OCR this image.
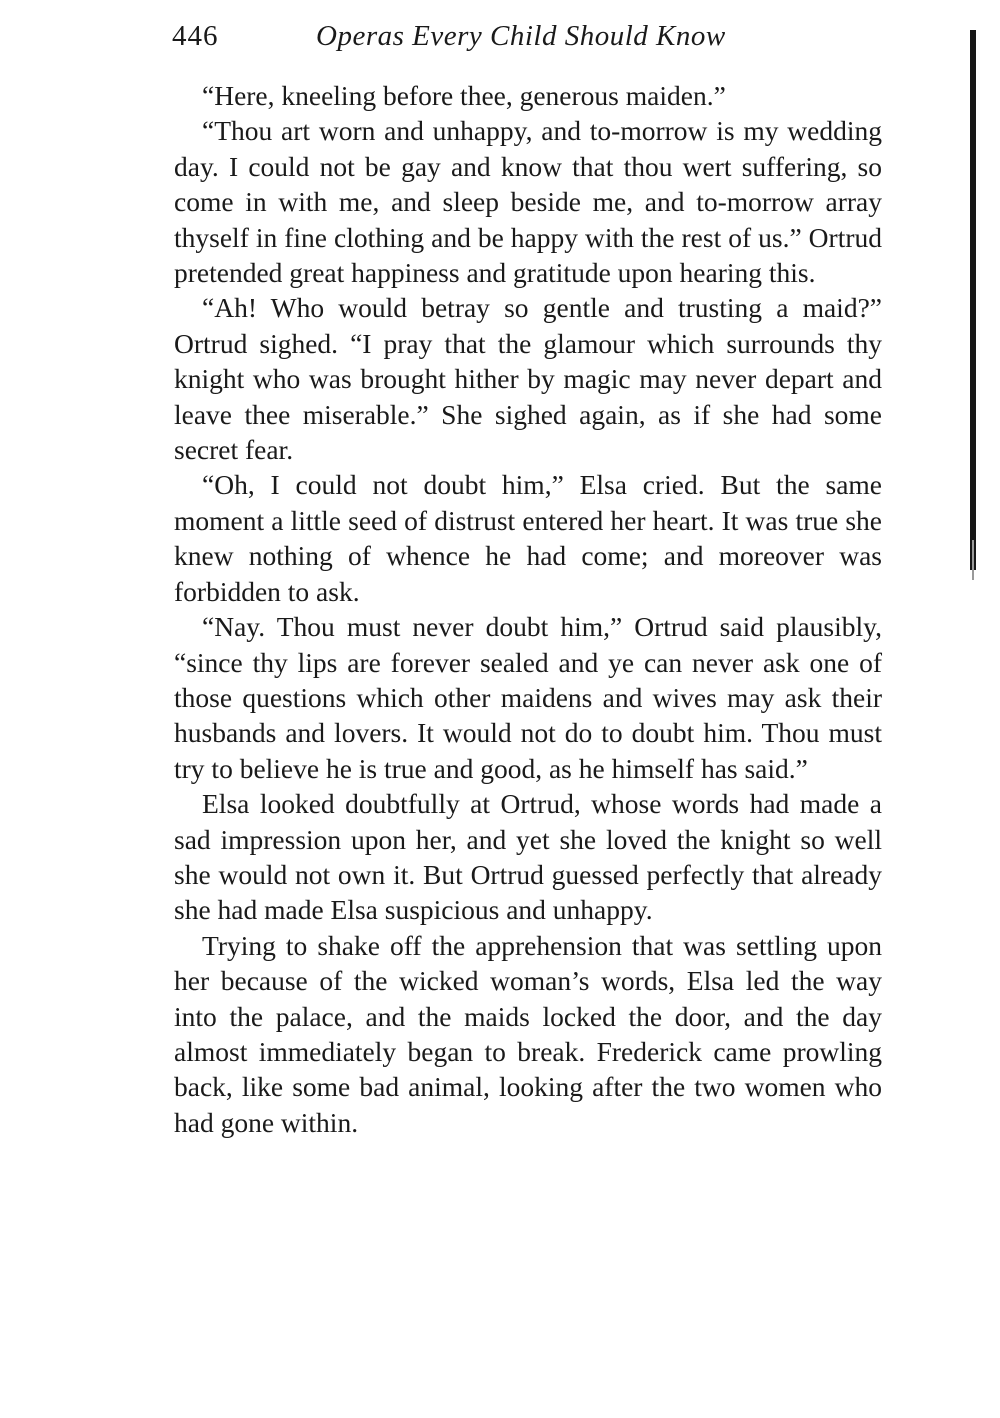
446	Operas Every Child Should Know

“Here, kneeling before thee, generous maiden.”

“Thou art worn and unhappy, and to-morrow is my wedding day. I could not be gay and know that thou wert suffering, so come in with me, and sleep beside me, and to-morrow array thyself in fine clothing and be happy with the rest of us.” Ortrud pretended great happiness and gratitude upon hearing this.

“Ah! Who would betray so gentle and trusting a maid?” Ortrud sighed. “I pray that the glamour which surrounds thy knight who was brought hither by magic may never depart and leave thee miserable.” She sighed again, as if she had some secret fear.

“Oh, I could not doubt him,” Elsa cried. But the same moment a little seed of distrust entered her heart. It was true she knew nothing of whence he had come; and moreover was forbidden to ask.

“Nay. Thou must never doubt him,” Ortrud said plausibly, “since thy lips are forever sealed and ye can never ask one of those questions which other maidens and wives may ask their husbands and lovers. It would not do to doubt him. Thou must try to believe he is true and good, as he himself has said.”

Elsa looked doubtfully at Ortrud, whose words had made a sad impression upon her, and yet she loved the knight so well she would not own it. But Ortrud guessed perfectly that already she had made Elsa suspicious and unhappy.

Trying to shake off the apprehension that was settling upon her because of the wicked woman’s words, Elsa led the way into the palace, and the maids locked the door, and the day almost immediately began to break. Frederick came prowling back, like some bad animal, looking after the two women who had gone within.
